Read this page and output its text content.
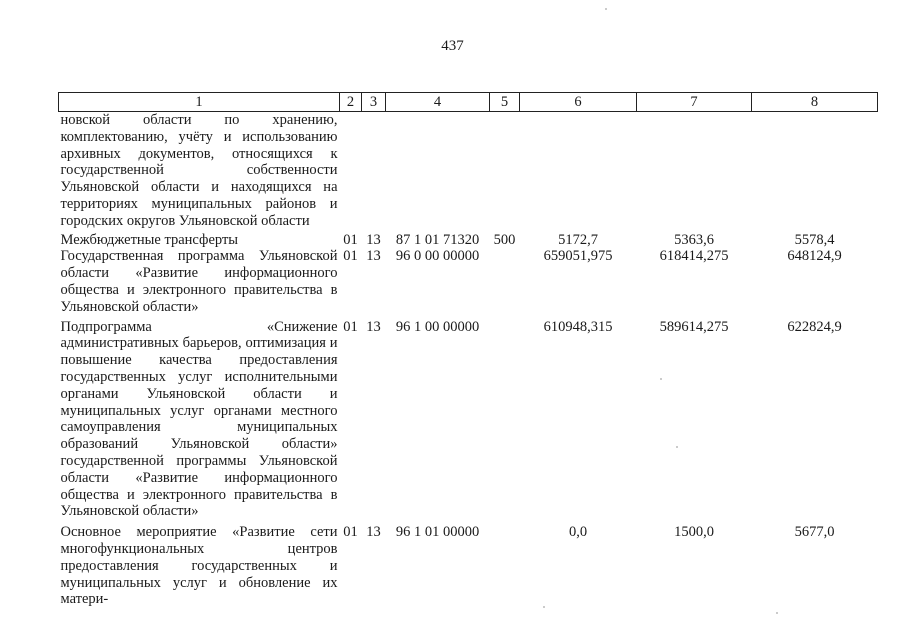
437
1	2	3	4	5	6	7	8
новской области по хранению, комплектованию, учёту и использованию архивных документов, относящихся к государственной собственности Ульяновской области и находящихся на территориях муниципальных районов и городских округов Ульяновской области							
Межбюджетные трансферты	01	13	87 1 01 71320	500	5172,7	5363,6	5578,4
Государственная программа Ульяновской области «Развитие информационного общества и электронного правительства в Ульяновской области»	01	13	96 0 00 00000		659051,975	618414,275	648124,9
Подпрограмма «Снижение административных барьеров, оптимизация и повышение качества предоставления государственных услуг исполнительными органами Ульяновской области и муниципальных услуг органами местного самоуправления муниципальных образований Ульяновской области» государственной программы Ульяновской области «Развитие информационного общества и электронного правительства в Ульяновской области»	01	13	96 1 00 00000		610948,315	589614,275	622824,9
Основное мероприятие «Развитие сети многофункциональных центров предоставления государственных и муниципальных услуг и обновление их матери-	01	13	96 1 01 00000		0,0	1500,0	5677,0
